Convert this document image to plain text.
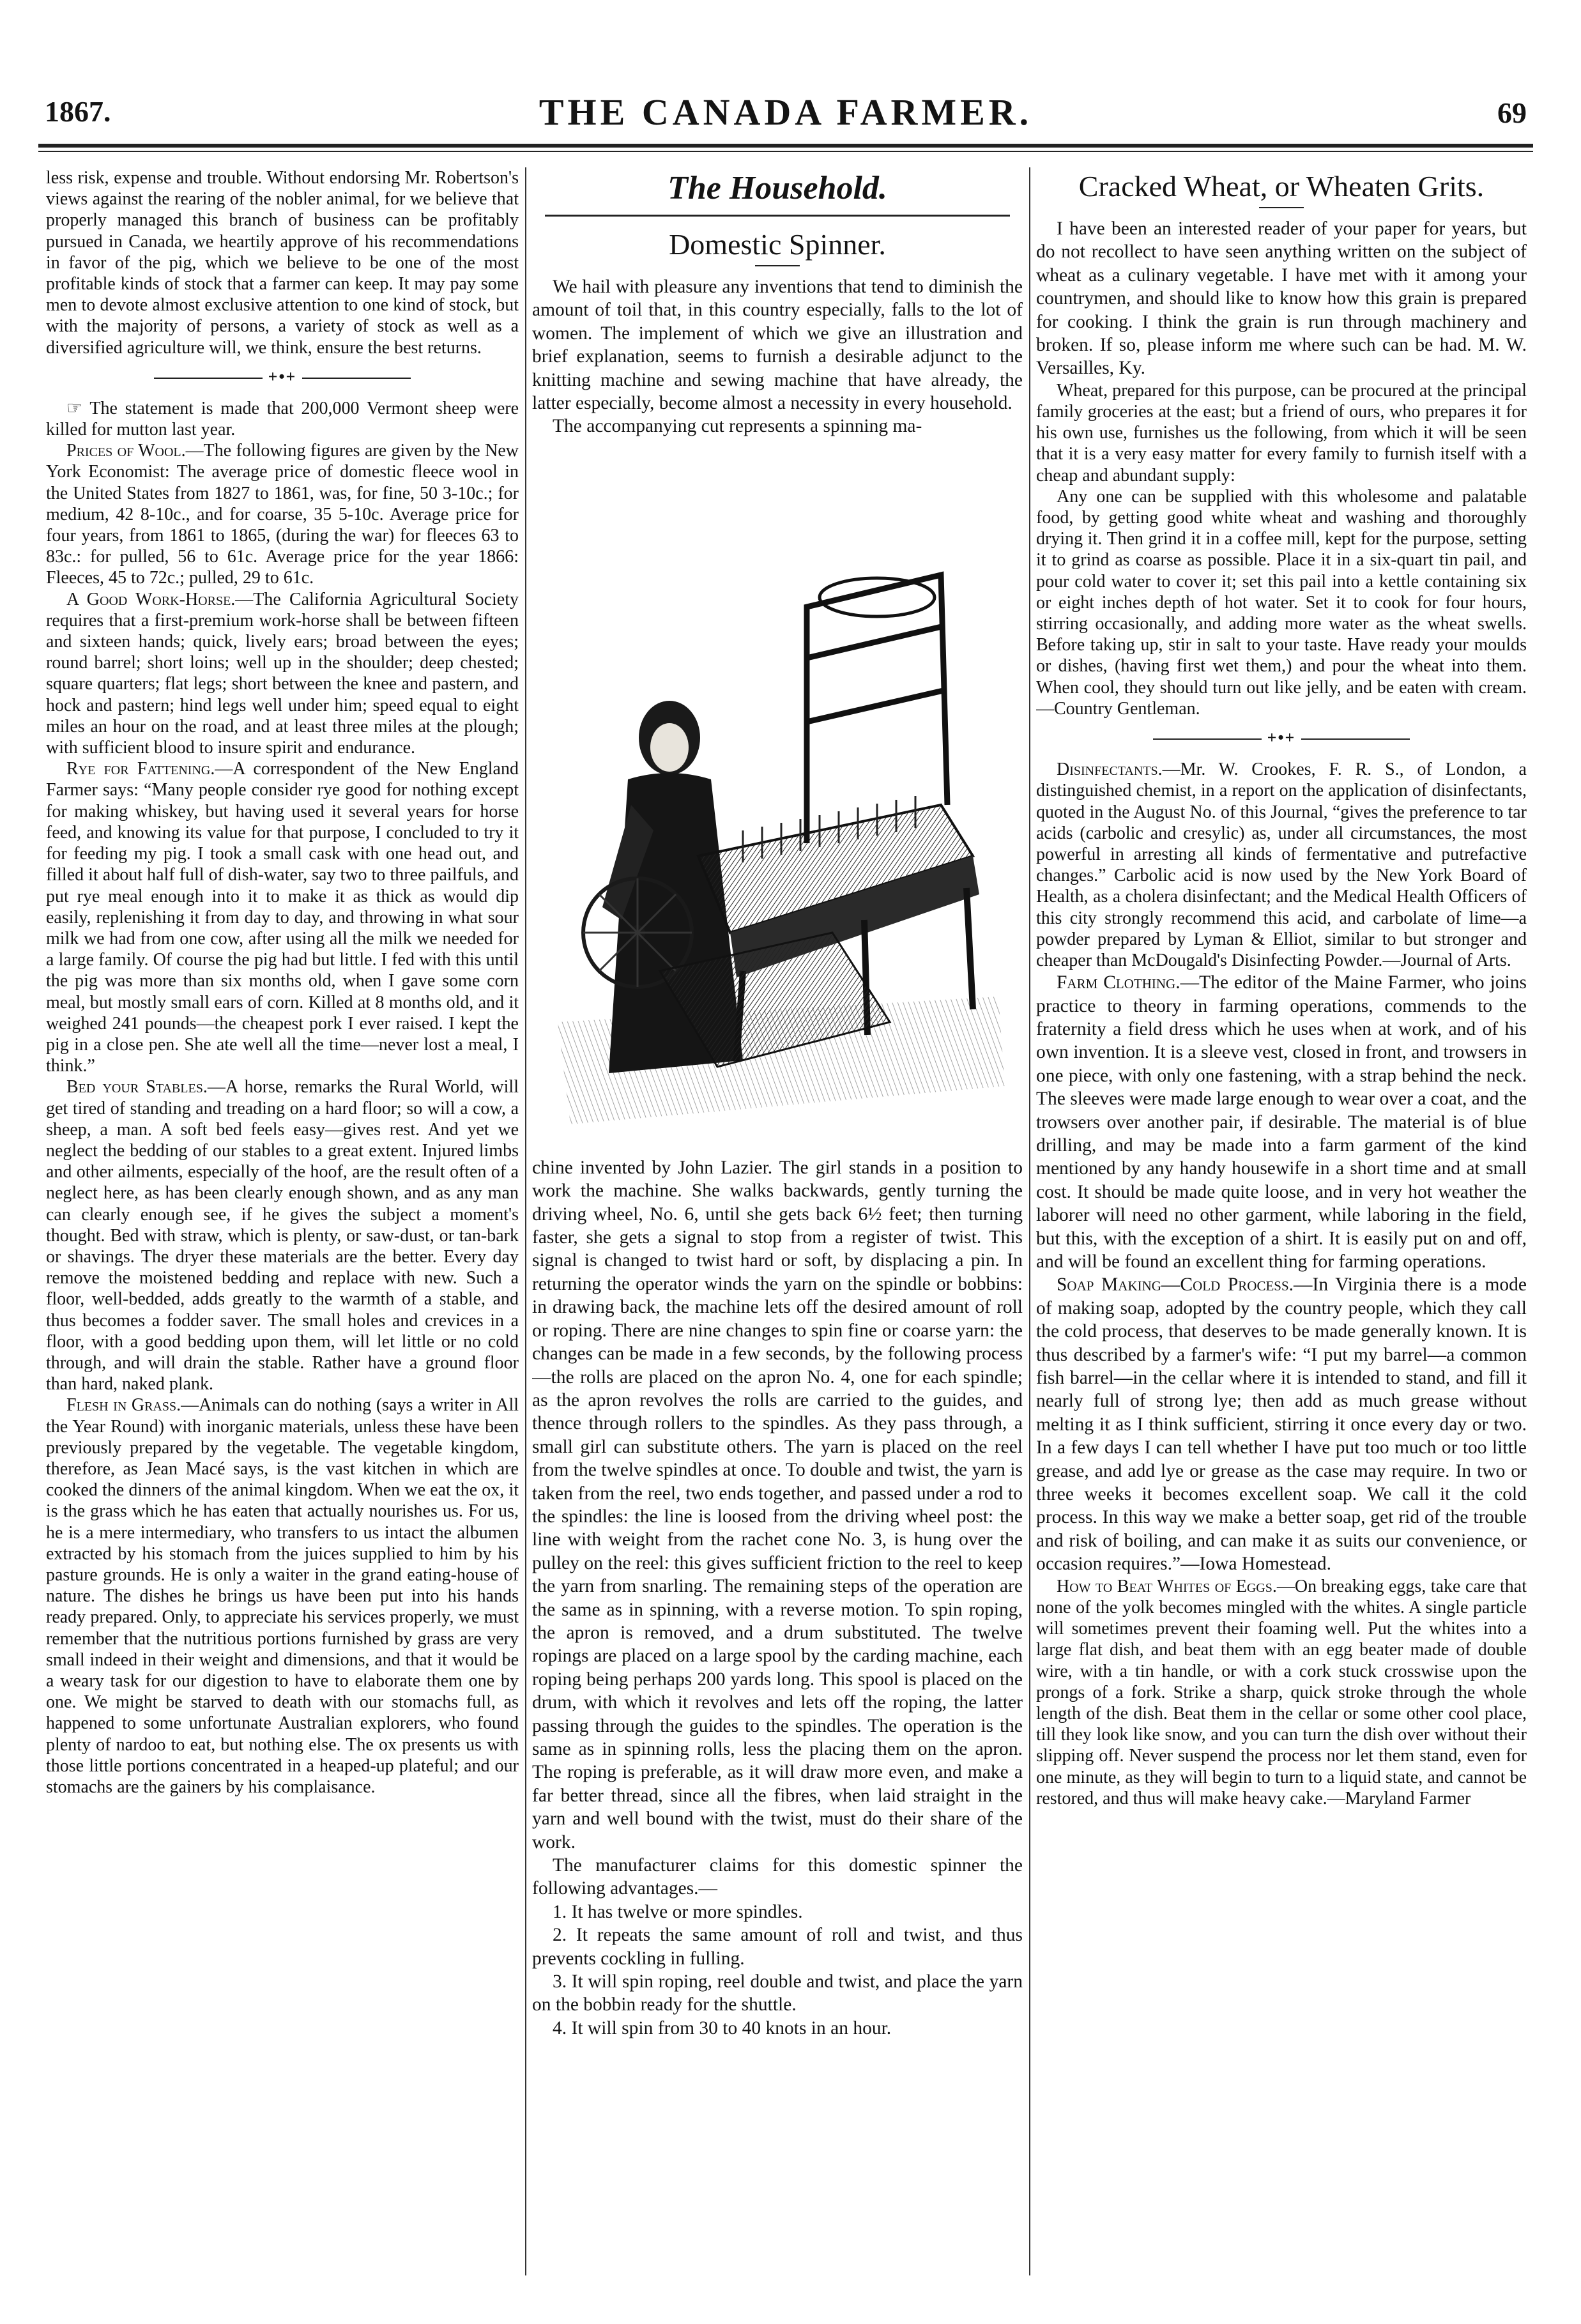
1867.	THE CANADA FARMER.	69

less risk, expense and trouble. Without endorsing Mr. Robertson's views against the rearing of the nobler animal, for we believe that properly managed this branch of business can be profitably pursued in Canada, we heartily approve of his recommendations in favor of the pig, which we believe to be one of the most profitable kinds of stock that a farmer can keep. It may pay some men to devote almost exclusive attention to one kind of stock, but with the majority of persons, a variety of stock as well as a diversified agriculture will, we think, ensure the best returns.

+•+

☞ The statement is made that 200,000 Vermont sheep were killed for mutton last year.

Prices of Wool.—The following figures are given by the New York Economist: The average price of domestic fleece wool in the United States from 1827 to 1861, was, for fine, 50 3-10c.; for medium, 42 8-10c., and for coarse, 35 5-10c. Average price for four years, from 1861 to 1865, (during the war) for fleeces 63 to 83c.: for pulled, 56 to 61c. Average price for the year 1866: Fleeces, 45 to 72c.; pulled, 29 to 61c.

A Good Work-Horse.—The California Agricultural Society requires that a first-premium work-horse shall be between fifteen and sixteen hands; quick, lively ears; broad between the eyes; round barrel; short loins; well up in the shoulder; deep chested; square quarters; flat legs; short between the knee and pastern, and hock and pastern; hind legs well under him; speed equal to eight miles an hour on the road, and at least three miles at the plough; with sufficient blood to insure spirit and endurance.

Rye for Fattening.—A correspondent of the New England Farmer says: “Many people consider rye good for nothing except for making whiskey, but having used it several years for horse feed, and knowing its value for that purpose, I concluded to try it for feeding my pig. I took a small cask with one head out, and filled it about half full of dish-water, say two to three pailfuls, and put rye meal enough into it to make it as thick as would dip easily, replenishing it from day to day, and throwing in what sour milk we had from one cow, after using all the milk we needed for a large family. Of course the pig had but little. I fed with this until the pig was more than six months old, when I gave some corn meal, but mostly small ears of corn. Killed at 8 months old, and it weighed 241 pounds—the cheapest pork I ever raised. I kept the pig in a close pen. She ate well all the time—never lost a meal, I think.”

Bed your Stables.—A horse, remarks the Rural World, will get tired of standing and treading on a hard floor; so will a cow, a sheep, a man. A soft bed feels easy—gives rest. And yet we neglect the bedding of our stables to a great extent. Injured limbs and other ailments, especially of the hoof, are the result often of a neglect here, as has been clearly enough shown, and as any man can clearly enough see, if he gives the subject a moment's thought. Bed with straw, which is plenty, or saw-dust, or tan-bark or shavings. The dryer these materials are the better. Every day remove the moistened bedding and replace with new. Such a floor, well-bedded, adds greatly to the warmth of a stable, and thus becomes a fodder saver. The small holes and crevices in a floor, with a good bedding upon them, will let little or no cold through, and will drain the stable. Rather have a ground floor than hard, naked plank.

Flesh in Grass.—Animals can do nothing (says a writer in All the Year Round) with inorganic materials, unless these have been previously prepared by the vegetable. The vegetable kingdom, therefore, as Jean Macé says, is the vast kitchen in which are cooked the dinners of the animal kingdom. When we eat the ox, it is the grass which he has eaten that actually nourishes us. For us, he is a mere intermediary, who transfers to us intact the albumen extracted by his stomach from the juices supplied to him by his pasture grounds. He is only a waiter in the grand eating-house of nature. The dishes he brings us have been put into his hands ready prepared. Only, to appreciate his services properly, we must remember that the nutritious portions furnished by grass are very small indeed in their weight and dimensions, and that it would be a weary task for our digestion to have to elaborate them one by one. We might be starved to death with our stomachs full, as happened to some unfortunate Australian explorers, who found plenty of nardoo to eat, but nothing else. The ox presents us with those little portions concentrated in a heaped-up plateful; and our stomachs are the gainers by his complaisance.

The Household.
Domestic Spinner.

We hail with pleasure any inventions that tend to diminish the amount of toil that, in this country especially, falls to the lot of women. The implement of which we give an illustration and brief explanation, seems to furnish a desirable adjunct to the knitting machine and sewing machine that have already, the latter especially, become almost a necessity in every household.

The accompanying cut represents a spinning ma-

chine invented by John Lazier. The girl stands in a position to work the machine. She walks backwards, gently turning the driving wheel, No. 6, until she gets back 6½ feet; then turning faster, she gets a signal to stop from a register of twist. This signal is changed to twist hard or soft, by displacing a pin. In returning the operator winds the yarn on the spindle or bobbins: in drawing back, the machine lets off the desired amount of roll or roping. There are nine changes to spin fine or coarse yarn: the changes can be made in a few seconds, by the following process—the rolls are placed on the apron No. 4, one for each spindle; as the apron revolves the rolls are carried to the guides, and thence through rollers to the spindles. As they pass through, a small girl can substitute others. The yarn is placed on the reel from the twelve spindles at once. To double and twist, the yarn is taken from the reel, two ends together, and passed under a rod to the spindles: the line is loosed from the driving wheel post: the line with weight from the rachet cone No. 3, is hung over the pulley on the reel: this gives sufficient friction to the reel to keep the yarn from snarling. The remaining steps of the operation are the same as in spinning, with a reverse motion. To spin roping, the apron is removed, and a drum substituted. The twelve ropings are placed on a large spool by the carding machine, each roping being perhaps 200 yards long. This spool is placed on the drum, with which it revolves and lets off the roping, the latter passing through the guides to the spindles. The operation is the same as in spinning rolls, less the placing them on the apron. The roping is preferable, as it will draw more even, and make a far better thread, since all the fibres, when laid straight in the yarn and well bound with the twist, must do their share of the work.

The manufacturer claims for this domestic spinner the following advantages.—

1. It has twelve or more spindles.
2. It repeats the same amount of roll and twist, and thus prevents cockling in fulling.
3. It will spin roping, reel double and twist, and place the yarn on the bobbin ready for the shuttle.
4. It will spin from 30 to 40 knots in an hour.
Cracked Wheat, or Wheaten Grits.

I have been an interested reader of your paper for years, but do not recollect to have seen anything written on the subject of wheat as a culinary vegetable. I have met with it among your countrymen, and should like to know how this grain is prepared for cooking. I think the grain is run through machinery and broken. If so, please inform me where such can be had. M. W. Versailles, Ky.

Wheat, prepared for this purpose, can be procured at the principal family groceries at the east; but a friend of ours, who prepares it for his own use, furnishes us the following, from which it will be seen that it is a very easy matter for every family to furnish itself with a cheap and abundant supply:

Any one can be supplied with this wholesome and palatable food, by getting good white wheat and washing and thoroughly drying it. Then grind it in a coffee mill, kept for the purpose, setting it to grind as coarse as possible. Place it in a six-quart tin pail, and pour cold water to cover it; set this pail into a kettle containing six or eight inches depth of hot water. Set it to cook for four hours, stirring occasionally, and adding more water as the wheat swells. Before taking up, stir in salt to your taste. Have ready your moulds or dishes, (having first wet them,) and pour the wheat into them. When cool, they should turn out like jelly, and be eaten with cream.—Country Gentleman.

+•+

Disinfectants.—Mr. W. Crookes, F. R. S., of London, a distinguished chemist, in a report on the application of disinfectants, quoted in the August No. of this Journal, “gives the preference to tar acids (carbolic and cresylic) as, under all circumstances, the most powerful in arresting all kinds of fermentative and putrefactive changes.” Carbolic acid is now used by the New York Board of Health, as a cholera disinfectant; and the Medical Health Officers of this city strongly recommend this acid, and carbolate of lime—a powder prepared by Lyman & Elliot, similar to but stronger and cheaper than McDougald's Disinfecting Powder.—Journal of Arts.

Farm Clothing.—The editor of the Maine Farmer, who joins practice to theory in farming operations, commends to the fraternity a field dress which he uses when at work, and of his own invention. It is a sleeve vest, closed in front, and trowsers in one piece, with only one fastening, with a strap behind the neck. The sleeves were made large enough to wear over a coat, and the trowsers over another pair, if desirable. The material is of blue drilling, and may be made into a farm garment of the kind mentioned by any handy housewife in a short time and at small cost. It should be made quite loose, and in very hot weather the laborer will need no other garment, while laboring in the field, but this, with the exception of a shirt. It is easily put on and off, and will be found an excellent thing for farming operations.

Soap Making—Cold Process.—In Virginia there is a mode of making soap, adopted by the country people, which they call the cold process, that deserves to be made generally known. It is thus described by a farmer's wife: “I put my barrel—a common fish barrel—in the cellar where it is intended to stand, and fill it nearly full of strong lye; then add as much grease without melting it as I think sufficient, stirring it once every day or two. In a few days I can tell whether I have put too much or too little grease, and add lye or grease as the case may require. In two or three weeks it becomes excellent soap. We call it the cold process. In this way we make a better soap, get rid of the trouble and risk of boiling, and can make it as suits our convenience, or occasion requires.”—Iowa Homestead.

How to Beat Whites of Eggs.—On breaking eggs, take care that none of the yolk becomes mingled with the whites. A single particle will sometimes prevent their foaming well. Put the whites into a large flat dish, and beat them with an egg beater made of double wire, with a tin handle, or with a cork stuck crosswise upon the prongs of a fork. Strike a sharp, quick stroke through the whole length of the dish. Beat them in the cellar or some other cool place, till they look like snow, and you can turn the dish over without their slipping off. Never suspend the process nor let them stand, even for one minute, as they will begin to turn to a liquid state, and cannot be restored, and thus will make heavy cake.—Maryland Farmer
